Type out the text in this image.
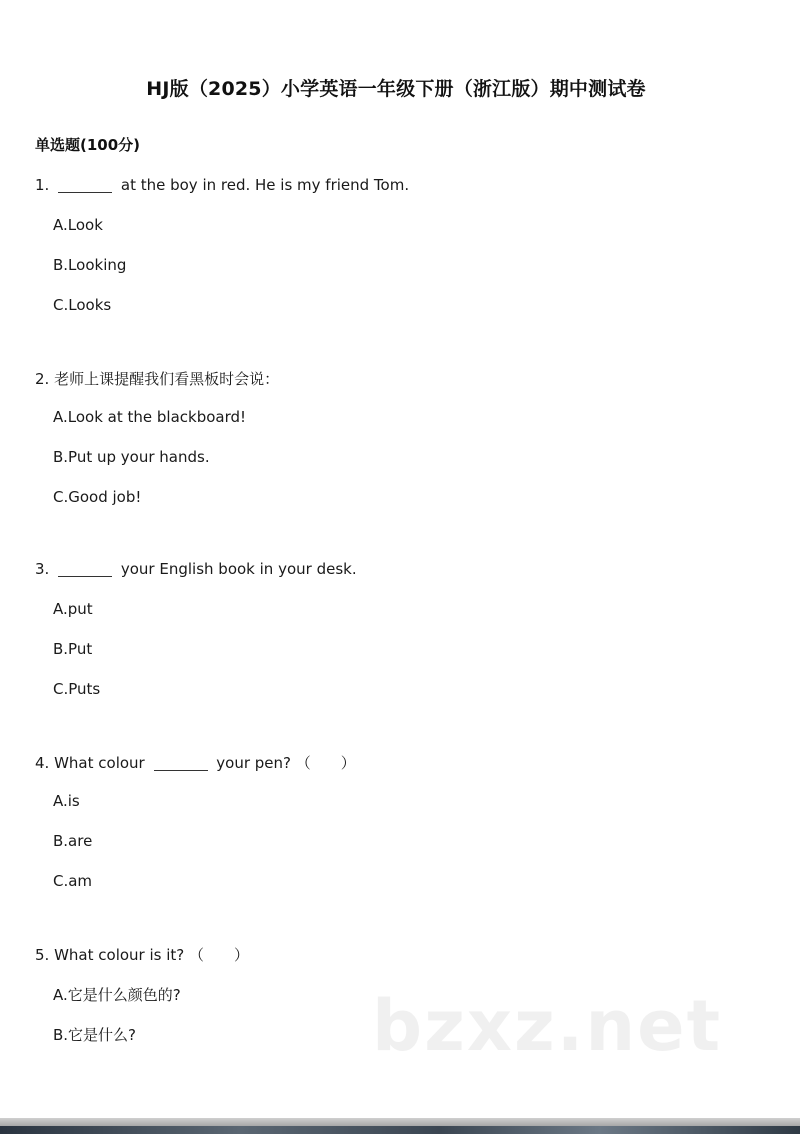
HJ版（2025）小学英语一年级下册（浙江版）期中测试卷
单选题(100分)
1.	at the boy in red. He is my friend Tom.
A.Look
B.Looking
C.Looks
2. 老师上课提醒我们看黑板时会说：
A.Look at the blackboard!
B.Put up your hands.
C.Good job!
3.	your English book in your desk.
A.put
B.Put
C.Puts
4. What colour	your pen? （　　）
A.is
B.are
C.am
5. What colour is it? （　　）
A.它是什么颜色的?
B.它是什么?	bzxz.net
